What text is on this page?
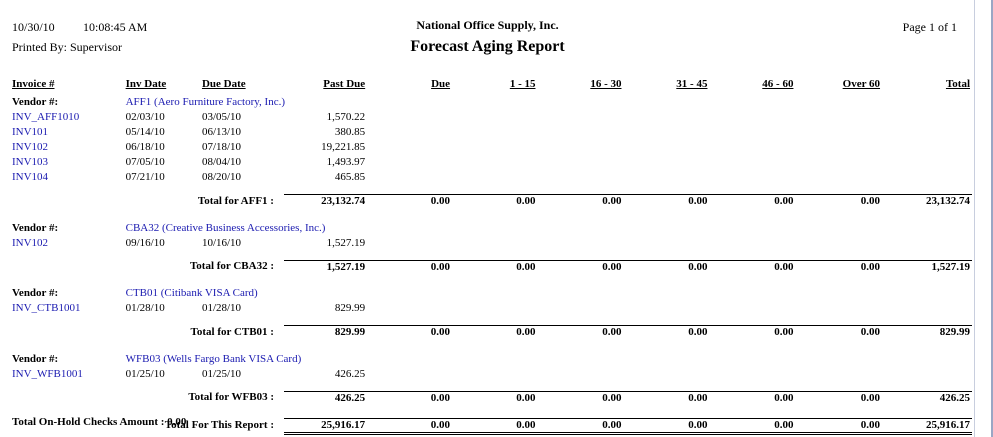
10/30/10 10:08:45 AM
Printed By: Supervisor
National Office Supply, Inc.
Forecast Aging Report
Page 1 of 1
Invoice #	Inv Date	Due Date	Past Due	Due	1 - 15	16 - 30	31 - 45	46 - 60	Over 60	Total
Vendor #:	AFF1 (Aero Furniture Factory, Inc.)									
INV_AFF1010	02/03/10	03/05/10	1,570.22							
INV101	05/14/10	06/13/10	380.85							
INV102	06/18/10	07/18/10	19,221.85							
INV103	07/05/10	08/04/10	1,493.97							
INV104	07/21/10	08/20/10	465.85							

Total for AFF1 :			23,132.74	0.00	0.00	0.00	0.00	0.00	0.00	23,132.74

Vendor #:	CBA32 (Creative Business Accessories, Inc.)									
INV102	09/16/10	10/16/10	1,527.19							

Total for CBA32 :			1,527.19	0.00	0.00	0.00	0.00	0.00	0.00	1,527.19

Vendor #:	CTB01 (Citibank VISA Card)									
INV_CTB1001	01/28/10	01/28/10	829.99							

Total for CTB01 :			829.99	0.00	0.00	0.00	0.00	0.00	0.00	829.99

Vendor #:	WFB03 (Wells Fargo Bank VISA Card)									
INV_WFB1001	01/25/10	01/25/10	426.25							

Total for WFB03 :			426.25	0.00	0.00	0.00	0.00	0.00	0.00	426.25

Total For This Report :			25,916.17	0.00	0.00	0.00	0.00	0.00	0.00	25,916.17
Total On-Hold Checks Amount : 0.00
